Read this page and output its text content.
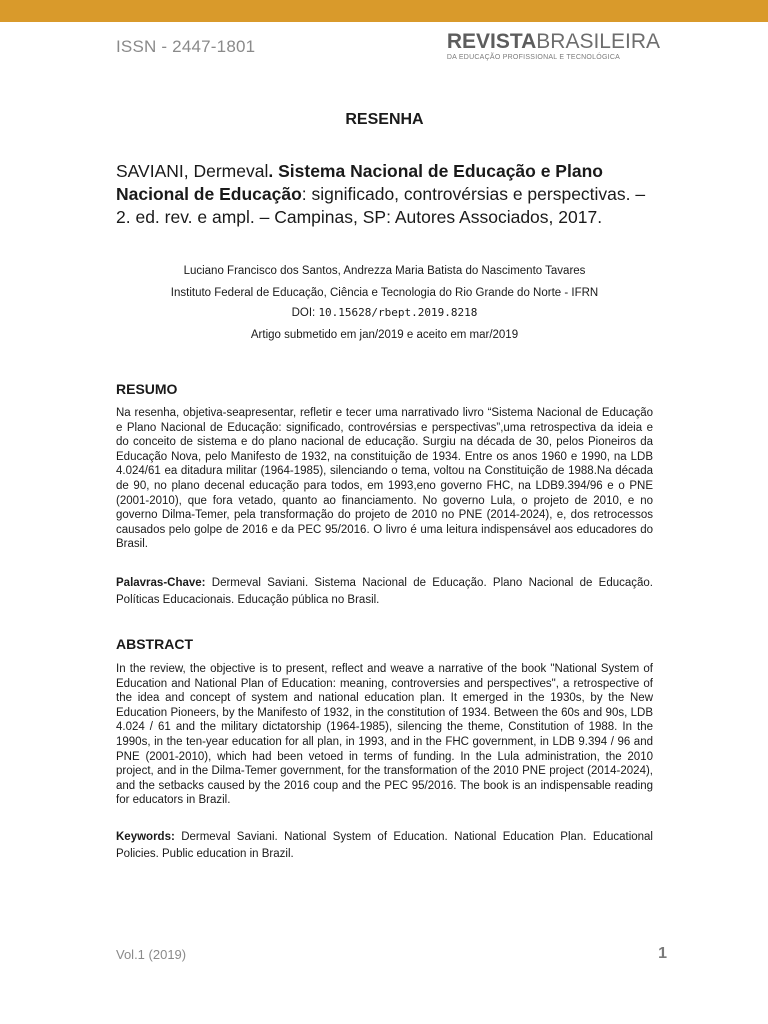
ISSN - 2447-1801	REVISTABRASILEIRA
DA EDUCAÇÃO PROFISSIONAL E TECNOLÓGICA
RESENHA
SAVIANI, Dermeval. Sistema Nacional de Educação e Plano Nacional de Educação: significado, controvérsias e perspectivas. – 2. ed. rev. e ampl. – Campinas, SP: Autores Associados, 2017.
Luciano Francisco dos Santos, Andrezza Maria Batista do Nascimento Tavares
Instituto Federal de Educação, Ciência e Tecnologia do Rio Grande do Norte - IFRN
DOI: 10.15628/rbept.2019.8218
Artigo submetido em jan/2019 e aceito em mar/2019
RESUMO
Na resenha, objetiva-seapresentar, refletir e tecer uma narrativado livro “Sistema Nacional de Educação e Plano Nacional de Educação: significado, controvérsias e perspectivas”,uma retrospectiva da ideia e do conceito de sistema e do plano nacional de educação. Surgiu na década de 30, pelos Pioneiros da Educação Nova, pelo Manifesto de 1932, na constituição de 1934. Entre os anos 1960 e 1990, na LDB 4.024/61 ea ditadura militar (1964-1985), silenciando o tema, voltou na Constituição de 1988.Na década de 90, no plano decenal educação para todos, em 1993,eno governo FHC, na LDB9.394/96 e o PNE (2001-2010), que fora vetado, quanto ao financiamento. No governo Lula, o projeto de 2010, e no governo Dilma-Temer, pela transformação do projeto de 2010 no PNE (2014-2024), e, dos retrocessos causados pelo golpe de 2016 e da PEC 95/2016. O livro é uma leitura indispensável aos educadores do Brasil.
Palavras-Chave: Dermeval Saviani. Sistema Nacional de Educação. Plano Nacional de Educação. Políticas Educacionais. Educação pública no Brasil.
ABSTRACT
In the review, the objective is to present, reflect and weave a narrative of the book "National System of Education and National Plan of Education: meaning, controversies and perspectives", a retrospective of the idea and concept of system and national education plan. It emerged in the 1930s, by the New Education Pioneers, by the Manifesto of 1932, in the constitution of 1934. Between the 60s and 90s, LDB 4.024 / 61 and the military dictatorship (1964-1985), silencing the theme, Constitution of 1988. In the 1990s, in the ten-year education for all plan, in 1993, and in the FHC government, in LDB 9.394 / 96 and PNE (2001-2010), which had been vetoed in terms of funding. In the Lula administration, the 2010 project, and in the Dilma-Temer government, for the transformation of the 2010 PNE project (2014-2024), and the setbacks caused by the 2016 coup and the PEC 95/2016. The book is an indispensable reading for educators in Brazil.
Keywords: Dermeval Saviani. National System of Education. National Education Plan. Educational Policies. Public education in Brazil.
Vol.1 (2019)	1
